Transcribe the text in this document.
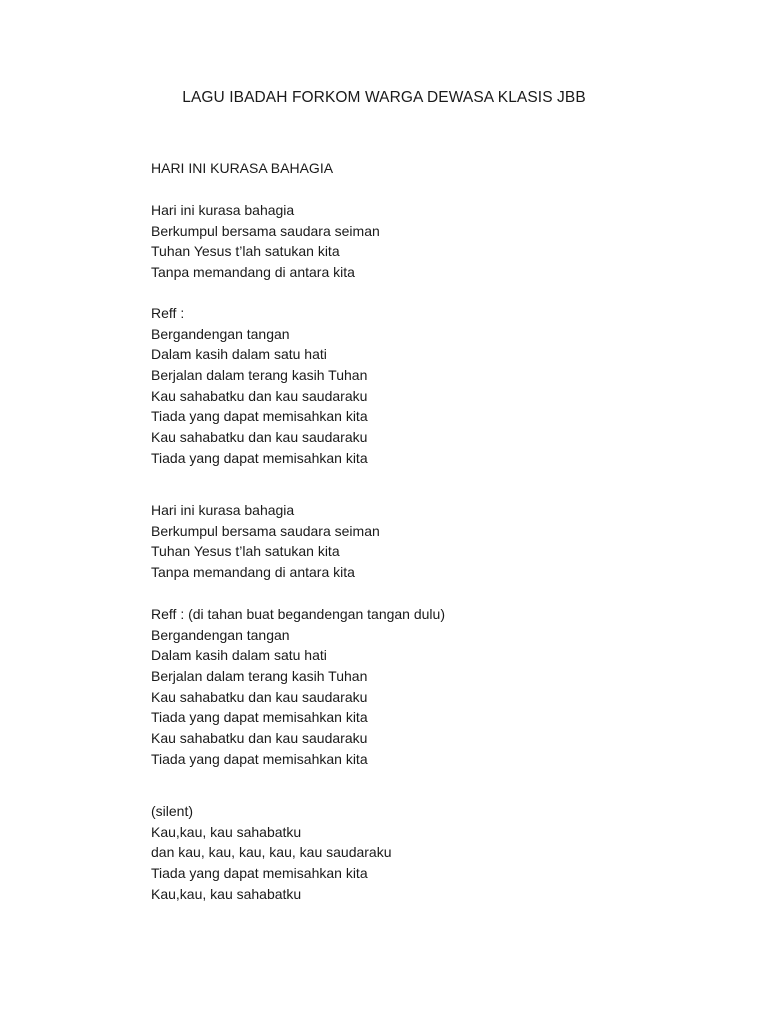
LAGU IBADAH FORKOM WARGA DEWASA KLASIS JBB
HARI INI KURASA BAHAGIA
Hari ini kurasa bahagia
Berkumpul bersama saudara seiman
Tuhan Yesus t’lah satukan kita
Tanpa memandang di antara kita
Reff :
Bergandengan tangan
Dalam kasih dalam satu hati
Berjalan dalam terang kasih Tuhan
Kau sahabatku dan kau saudaraku
Tiada yang dapat memisahkan kita
Kau sahabatku dan kau saudaraku
Tiada yang dapat memisahkan kita
Hari ini kurasa bahagia
Berkumpul bersama saudara seiman
Tuhan Yesus t’lah satukan kita
Tanpa memandang di antara kita
Reff : (di tahan buat begandengan tangan dulu)
Bergandengan tangan
Dalam kasih dalam satu hati
Berjalan dalam terang kasih Tuhan
Kau sahabatku dan kau saudaraku
Tiada yang dapat memisahkan kita
Kau sahabatku dan kau saudaraku
Tiada yang dapat memisahkan kita
(silent)
Kau,kau, kau sahabatku
dan kau, kau, kau, kau, kau saudaraku
Tiada yang dapat memisahkan kita
Kau,kau, kau sahabatku
